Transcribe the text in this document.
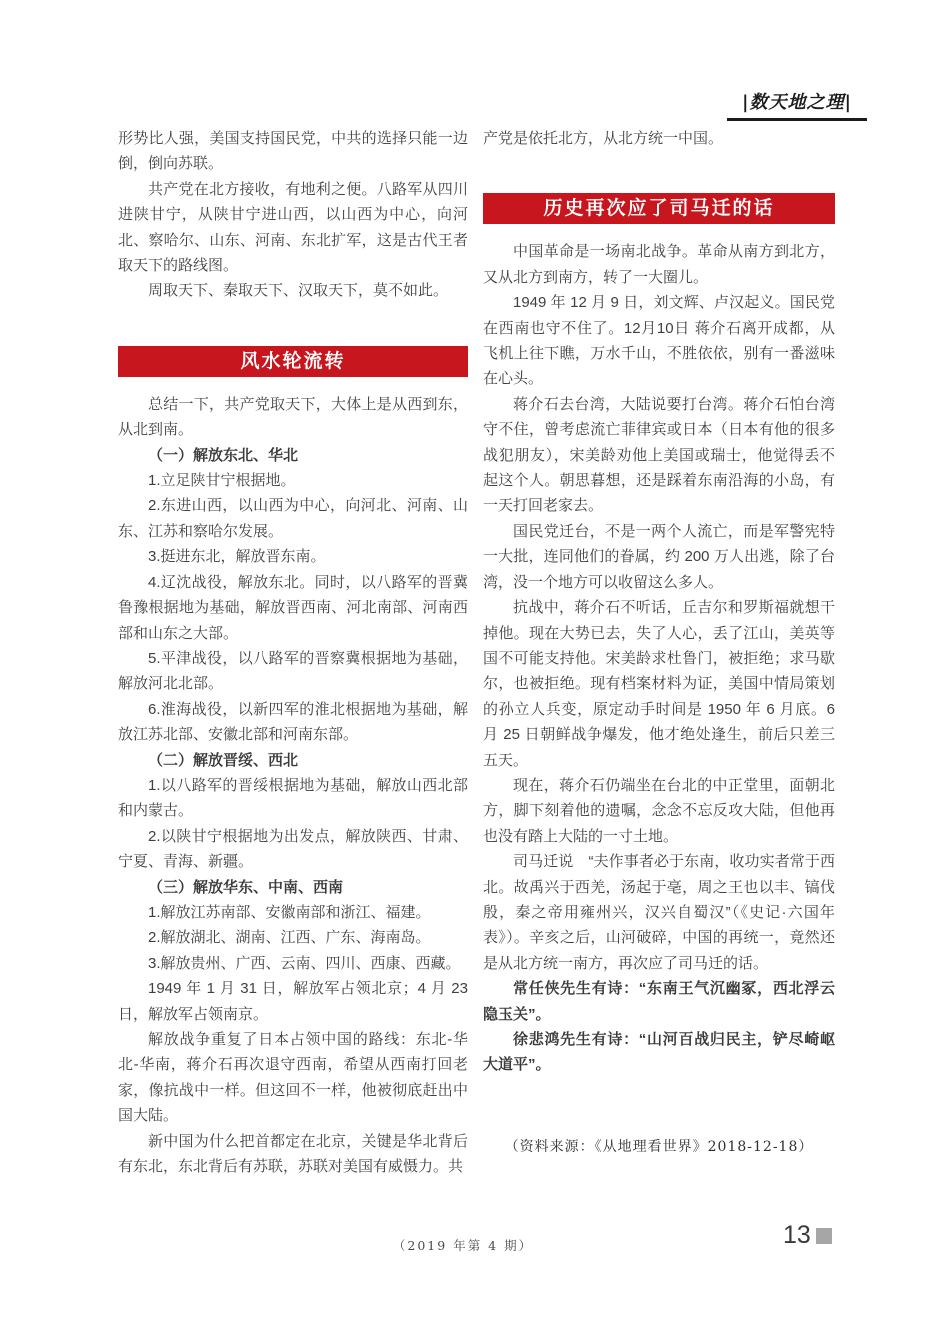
|数天地之理|

形势比人强，美国支持国民党，中共的选择只能一边倒，倒向苏联。

共产党在北方接收，有地利之便。八路军从四川进陕甘宁，从陕甘宁进山西，以山西为中心，向河北、察哈尔、山东、河南、东北扩军，这是古代王者取天下的路线图。

周取天下、秦取天下、汉取天下，莫不如此。

风水轮流转

总结一下，共产党取天下，大体上是从西到东，从北到南。

（一）解放东北、华北

1.立足陕甘宁根据地。

2.东进山西，以山西为中心，向河北、河南、山东、江苏和察哈尔发展。

3.挺进东北，解放晋东南。

4.辽沈战役，解放东北。同时，以八路军的晋冀鲁豫根据地为基础，解放晋西南、河北南部、河南西部和山东之大部。

5.平津战役，以八路军的晋察冀根据地为基础，解放河北北部。

6.淮海战役，以新四军的淮北根据地为基础，解放江苏北部、安徽北部和河南东部。

（二）解放晋绥、西北

1.以八路军的晋绥根据地为基础，解放山西北部和内蒙古。

2.以陕甘宁根据地为出发点，解放陕西、甘肃、宁夏、青海、新疆。

（三）解放华东、中南、西南

1.解放江苏南部、安徽南部和浙江、福建。

2.解放湖北、湖南、江西、广东、海南岛。

3.解放贵州、广西、云南、四川、西康、西藏。

1949 年 1 月 31 日，解放军占领北京；4 月 23 日，解放军占领南京。

解放战争重复了日本占领中国的路线：东北-华北-华南，蒋介石再次退守西南，希望从西南打回老家，像抗战中一样。但这回不一样，他被彻底赶出中国大陆。

新中国为什么把首都定在北京，关键是华北背后有东北，东北背后有苏联，苏联对美国有威慑力。共

产党是依托北方，从北方统一中国。

历史再次应了司马迁的话

中国革命是一场南北战争。革命从南方到北方，又从北方到南方，转了一大圈儿。

1949 年 12 月 9 日，刘文辉、卢汉起义。国民党在西南也守不住了。12月10日 蒋介石离开成都，从飞机上往下瞧，万水千山，不胜依依，别有一番滋味在心头。

蒋介石去台湾，大陆说要打台湾。蒋介石怕台湾守不住，曾考虑流亡菲律宾或日本（日本有他的很多战犯朋友），宋美龄劝他上美国或瑞士，他觉得丢不起这个人。朝思暮想，还是踩着东南沿海的小岛，有一天打回老家去。

国民党迁台，不是一两个人流亡，而是军警宪特一大批，连同他们的眷属，约 200 万人出逃，除了台湾，没一个地方可以收留这么多人。

抗战中，蒋介石不听话，丘吉尔和罗斯福就想干掉他。现在大势已去，失了人心，丢了江山，美英等国不可能支持他。宋美龄求杜鲁门，被拒绝；求马歇尔，也被拒绝。现有档案材料为证，美国中情局策划的孙立人兵变，原定动手时间是 1950 年 6 月底。6 月 25 日朝鲜战争爆发，他才绝处逢生，前后只差三五天。

现在，蒋介石仍端坐在台北的中正堂里，面朝北方，脚下刻着他的遗嘱，念念不忘反攻大陆，但他再也没有踏上大陆的一寸土地。

司马迁说　“夫作事者必于东南，收功实者常于西北。故禹兴于西羌，汤起于亳，周之王也以丰、镐伐殷，秦之帝用雍州兴，汉兴自蜀汉”（《史记·六国年表》）。辛亥之后，山河破碎，中国的再统一，竟然还是从北方统一南方，再次应了司马迁的话。

常任侠先生有诗：“东南王气沉幽冢，西北浮云隐玉关”。

徐悲鸿先生有诗：“山河百战归民主，铲尽崎岖大道平”。

（资料来源：《从地理看世界》2018-12-18）

（2019 年第 4 期）	13
